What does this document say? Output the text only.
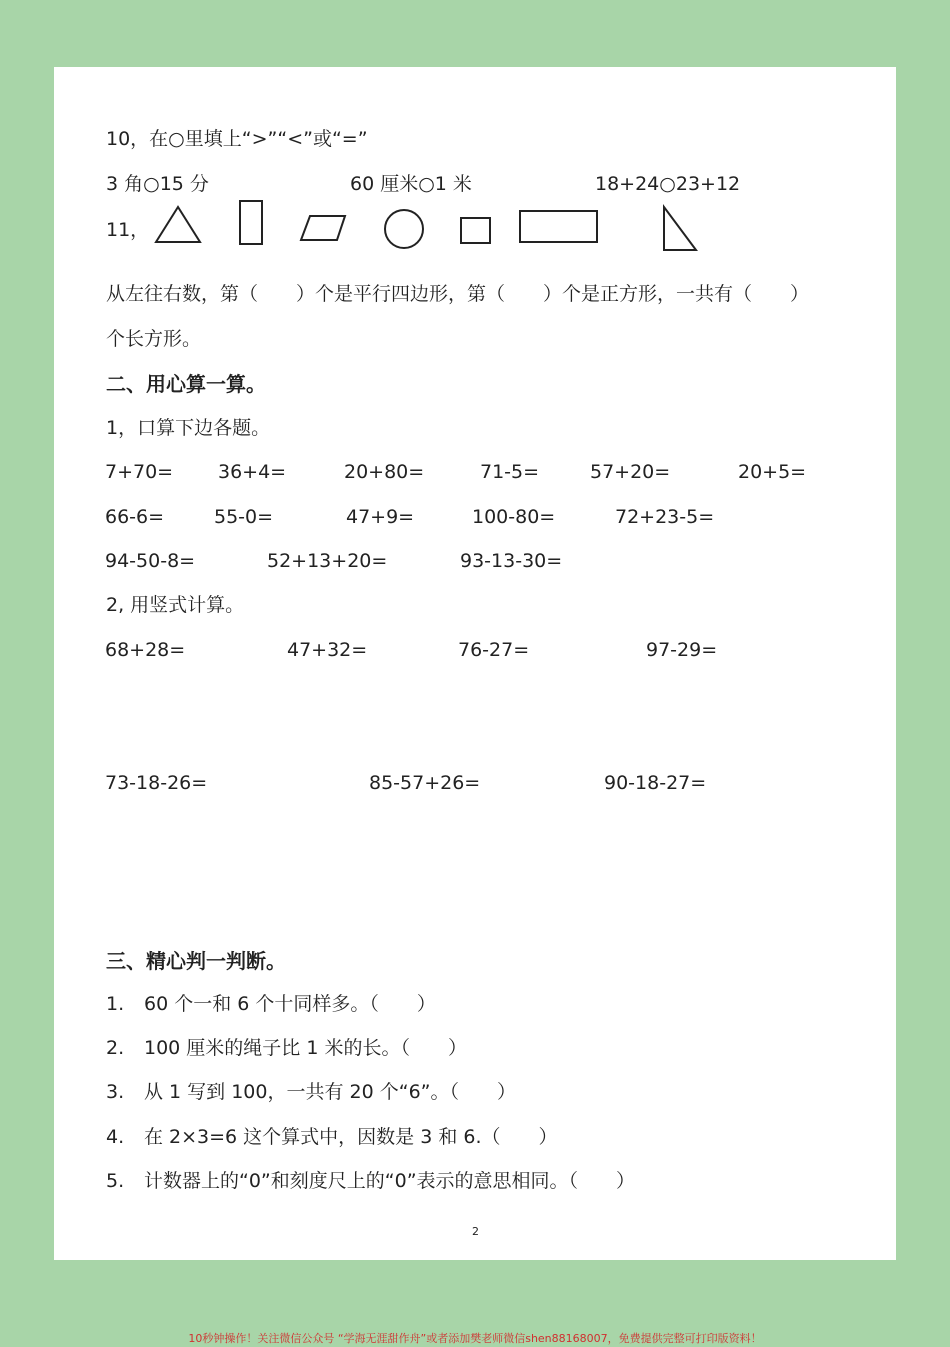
10，在○里填上“>”“<”或“=”
3 角○15 分	60 厘米○1 米	18+24○23+12
11，
从左往右数，第（　　）个是平行四边形，第（　　）个是正方形，一共有（　　）
个长方形。
二、用心算一算。
1，口算下边各题。
7+70= 36+4=	20+80=	71-5=	57+20=	20+5=
66-6=	55-0=	47+9=	100-80=	72+23-5=
94-50-8=	52+13+20=	93-13-30=
2, 用竖式计算。
68+28=	47+32=	76-27=	97-29=
73-18-26=	85-57+26=	90-18-27=
三、精心判一判断。
1. 60 个一和 6 个十同样多。（　　）
2. 100 厘米的绳子比 1 米的长。（　　）
3. 从 1 写到 100，一共有 20 个“6”。（　　）
4. 在 2×3=6 这个算式中，因数是 3 和 6.（　　）
5. 计数器上的“0”和刻度尺上的“0”表示的意思相同。（　　）
2
10秒钟操作！关注微信公众号 “学海无涯甜作舟”或者添加樊老师微信shen88168007，免费提供完整可打印版资料！
